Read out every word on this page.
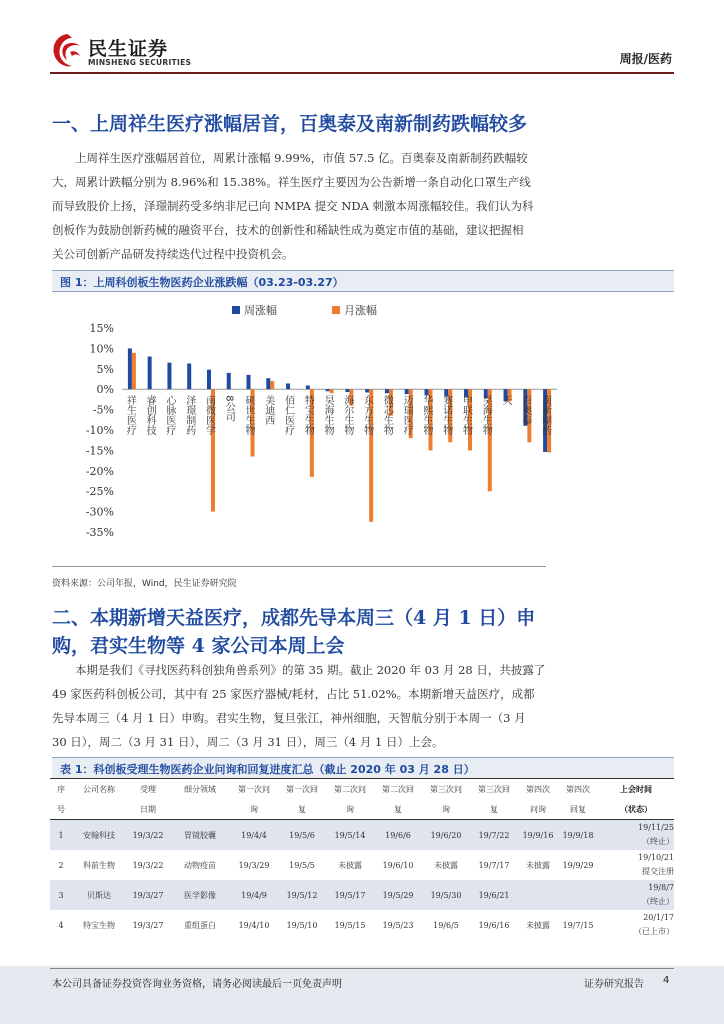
民生证券
MINSHENG SECURITIES	周报/医药
一、上周祥生医疗涨幅居首，百奥泰及南新制药跌幅较多
　　上周祥生医疗涨幅居首位，周累计涨幅 9.99%，市值 57.5 亿。百奥泰及南新制药跌幅较
大，周累计跌幅分别为 8.96%和 15.38%。祥生医疗主要因为公告新增一条自动化口罩生产线
而导致股价上扬，泽璟制药受多纳非尼已向 NMPA 提交 NDA 刺激本周涨幅较佳。我们认为科
创板作为鼓励创新药械的融资平台，技术的创新性和稀缺性成为奠定市值的基础，建议把握相
关公司创新产品研发持续迭代过程中投资机会。
图 1：上周科创板生物医药企业涨跌幅（03.23-03.27）
15%
10%
5%
0%
-5%
-10%
-15%
-20%
-25%
-30%
-35%
周涨幅	月涨幅
祥生医疗 睿创科技 心脉医疗 泽璟制药 南微医学 8公司 硕世生物 美迪西 佰仁医疗 特宝生物 昊海生物 海尔生物 东方生物 微芯生物 迈瑞医疗 华熙生物 赛诺生物 申联生物 昊海生物 天 百奥泰 南新制药
资料来源：公司年报，Wind，民生证券研究院
二、本期新增天益医疗，成都先导本周三（4 月 1 日）申
购，君实生物等 4 家公司本周上会
　　本期是我们《寻找医药科创独角兽系列》的第 35 期。截止 2020 年 03 月 28 日，共披露了
49 家医药科创板公司，其中有 25 家医疗器械/耗材，占比 51.02%。本期新增天益医疗，成都
先导本周三（4 月 1 日）申购。君实生物，复旦张江，神州细胞，天智航分别于本周一（3 月
30 日），周二（3 月 31 日），周二（3 月 31 日），周三（4 月 1 日）上会。
表 1：科创板受理生物医药企业问询和回复进度汇总（截止 2020 年 03 月 28 日）
序	公司名称	受理	细分领域	第一次问	第一次回	第二次问	第二次回	第三次问	第三次回	第四次	第四次	上会时间
号		日期		询	复	询	复	询	复	问询	回复	（状态）
1	安翰科技	19/3/22	胃镜胶囊	19/4/4	19/5/6	19/5/14	19/6/6	19/6/20	19/7/22	19/9/16	19/9/18	19/11/25
（终止）

2	科前生物	19/3/22	动物疫苗	19/3/29	19/5/5	未披露	19/6/10	未披露	19/7/17	未披露	19/9/29	19/10/21
提交注册

3	贝斯达	19/3/27	医学影像	19/4/9	19/5/12	19/5/17	19/5/29	19/5/30	19/6/21			19/8/7
（终止）

4	特宝生物	19/3/27	重组蛋白	19/4/10	19/5/10	19/5/15	19/5/23	19/6/5	19/6/16	未披露	19/7/15	20/1/17
（已上市）
本公司具备证券投资咨询业务资格，请务必阅读最后一页免责声明	证券研究报告 4
